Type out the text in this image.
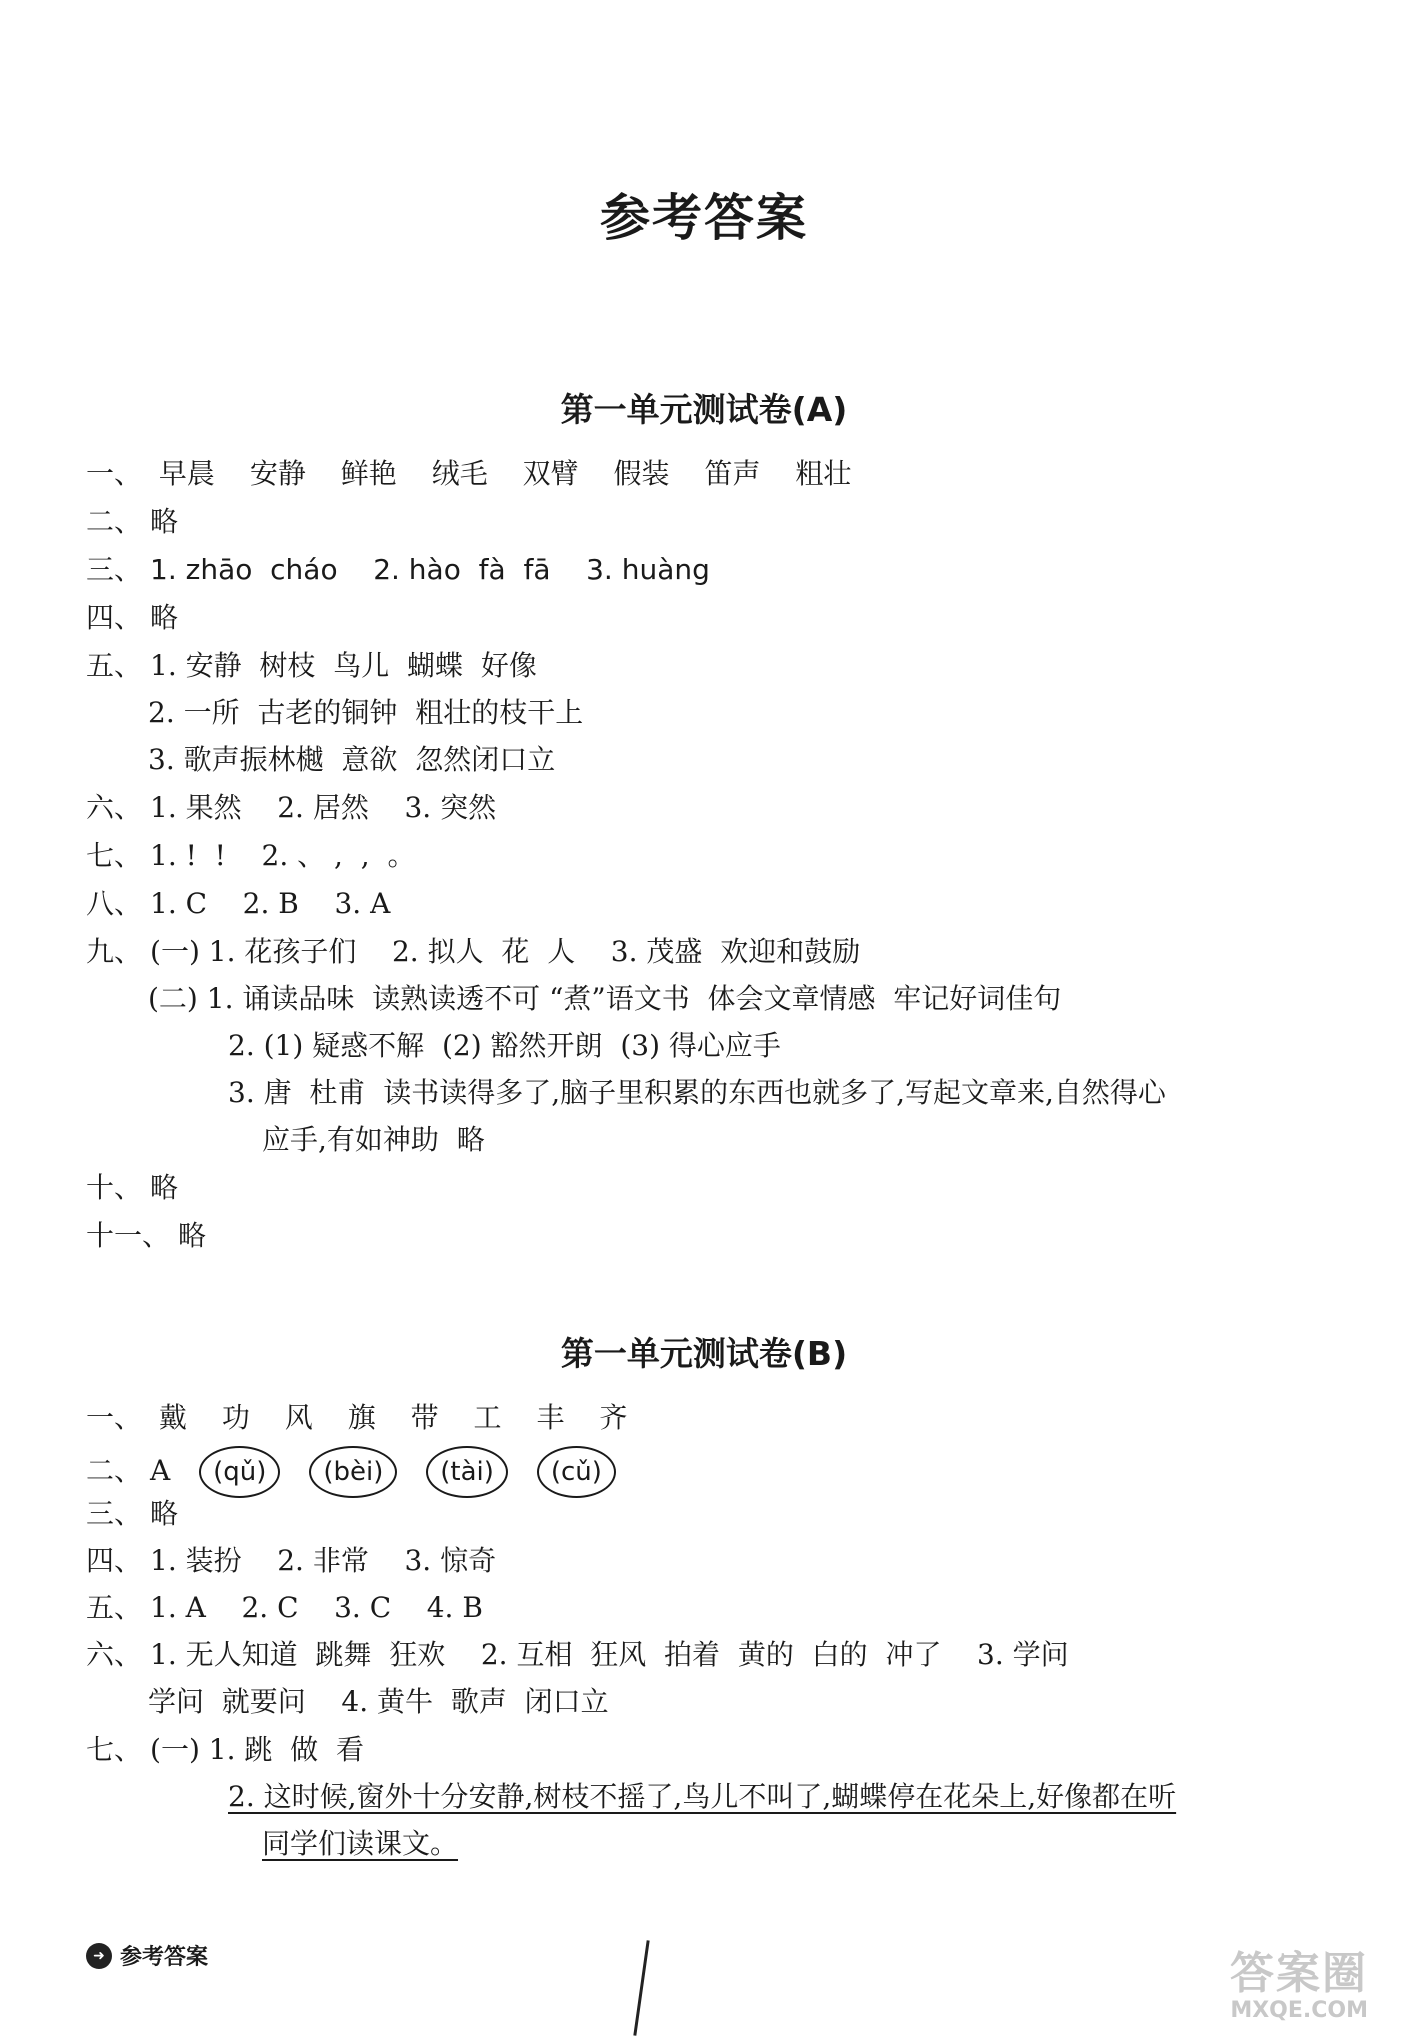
参考答案
第一单元测试卷(A)
一、 早晨 安静 鲜艳 绒毛 双臂 假装 笛声 粗壮
二、 略
三、 1. zhāo  cháo    2. hào  fà  fā    3. huàng
四、 略
五、 1. 安静  树枝  鸟儿  蝴蝶  好像
2. 一所  古老的铜钟  粗壮的枝干上
3. 歌声振林樾  意欲  忽然闭口立
六、 1. 果然    2. 居然    3. 突然
七、 1. !  !    2. 、 ,  ,  。
八、 1. C    2. B    3. A
九、 (一) 1. 花孩子们    2. 拟人  花  人    3. 茂盛  欢迎和鼓励
(二) 1. 诵读品味  读熟读透不可 “煮”语文书  体会文章情感  牢记好词佳句
2. (1) 疑惑不解  (2) 豁然开朗  (3) 得心应手
3. 唐  杜甫  读书读得多了,脑子里积累的东西也就多了,写起文章来,自然得心
应手,有如神助  略
十、 略
十一、 略
第一单元测试卷(B)
一、 戴 功 风 旗 带 工 丰 齐
二、 A (qǔ) (bèi) (tài) (cǔ)
三、 略
四、 1. 装扮    2. 非常    3. 惊奇
五、 1. A    2. C    3. C    4. B
六、 1. 无人知道  跳舞  狂欢    2. 互相  狂风  拍着  黄的  白的  冲了    3. 学问
学问  就要问    4. 黄牛  歌声  闭口立
七、 (一) 1. 跳  做  看
2. 这时候,窗外十分安静,树枝不摇了,鸟儿不叫了,蝴蝶停在花朵上,好像都在听
同学们读课文。
➜ 参考答案	答案圈
MXQE.COM
